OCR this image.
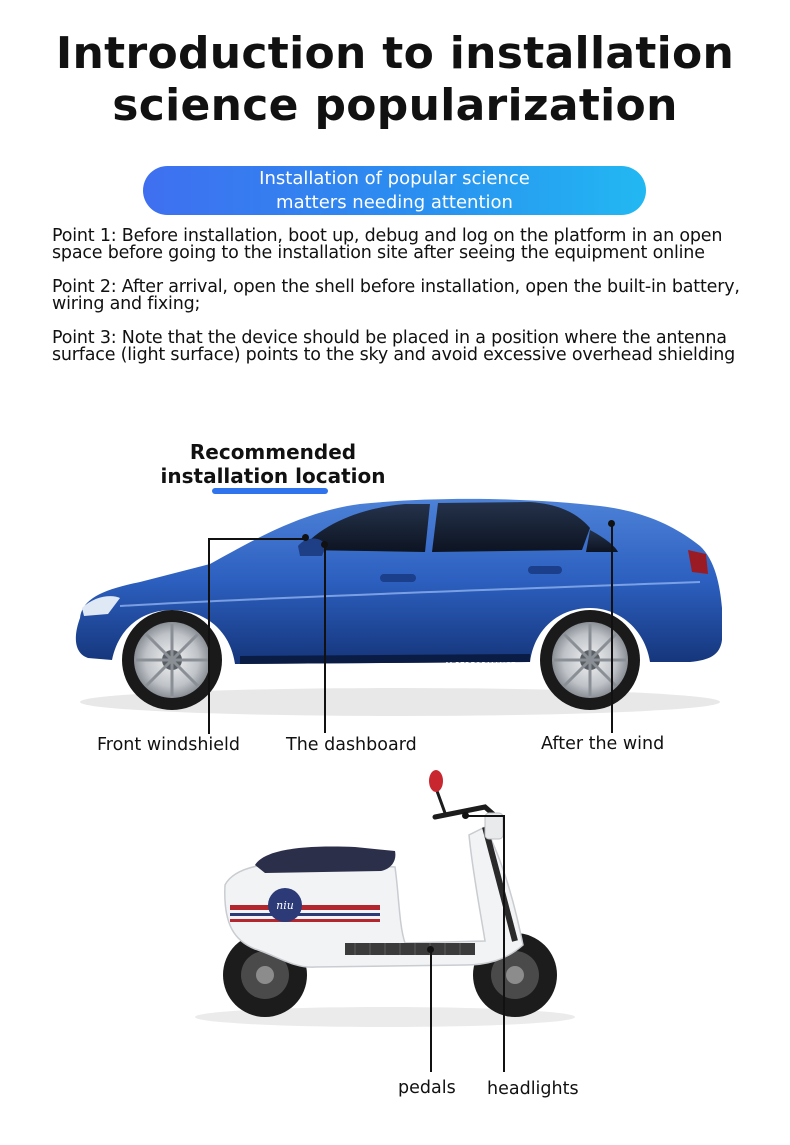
Introduction to installation
science popularization
Installation of popular science
matters needing attention

Point 1: Before installation, boot up, debug and log on the platform in an open space before going to the installation site after seeing the equipment online

Point 2: After arrival, open the shell before installation, open the built-in battery, wiring and fixing;

Point 3: Note that the device should be placed in a position where the antenna surface (light surface) points to the sky and avoid excessive overhead shielding

Recommended
installation location
M PERFORMANCE
Front windshield	The dashboard	After the wind
niu
pedals headlights
